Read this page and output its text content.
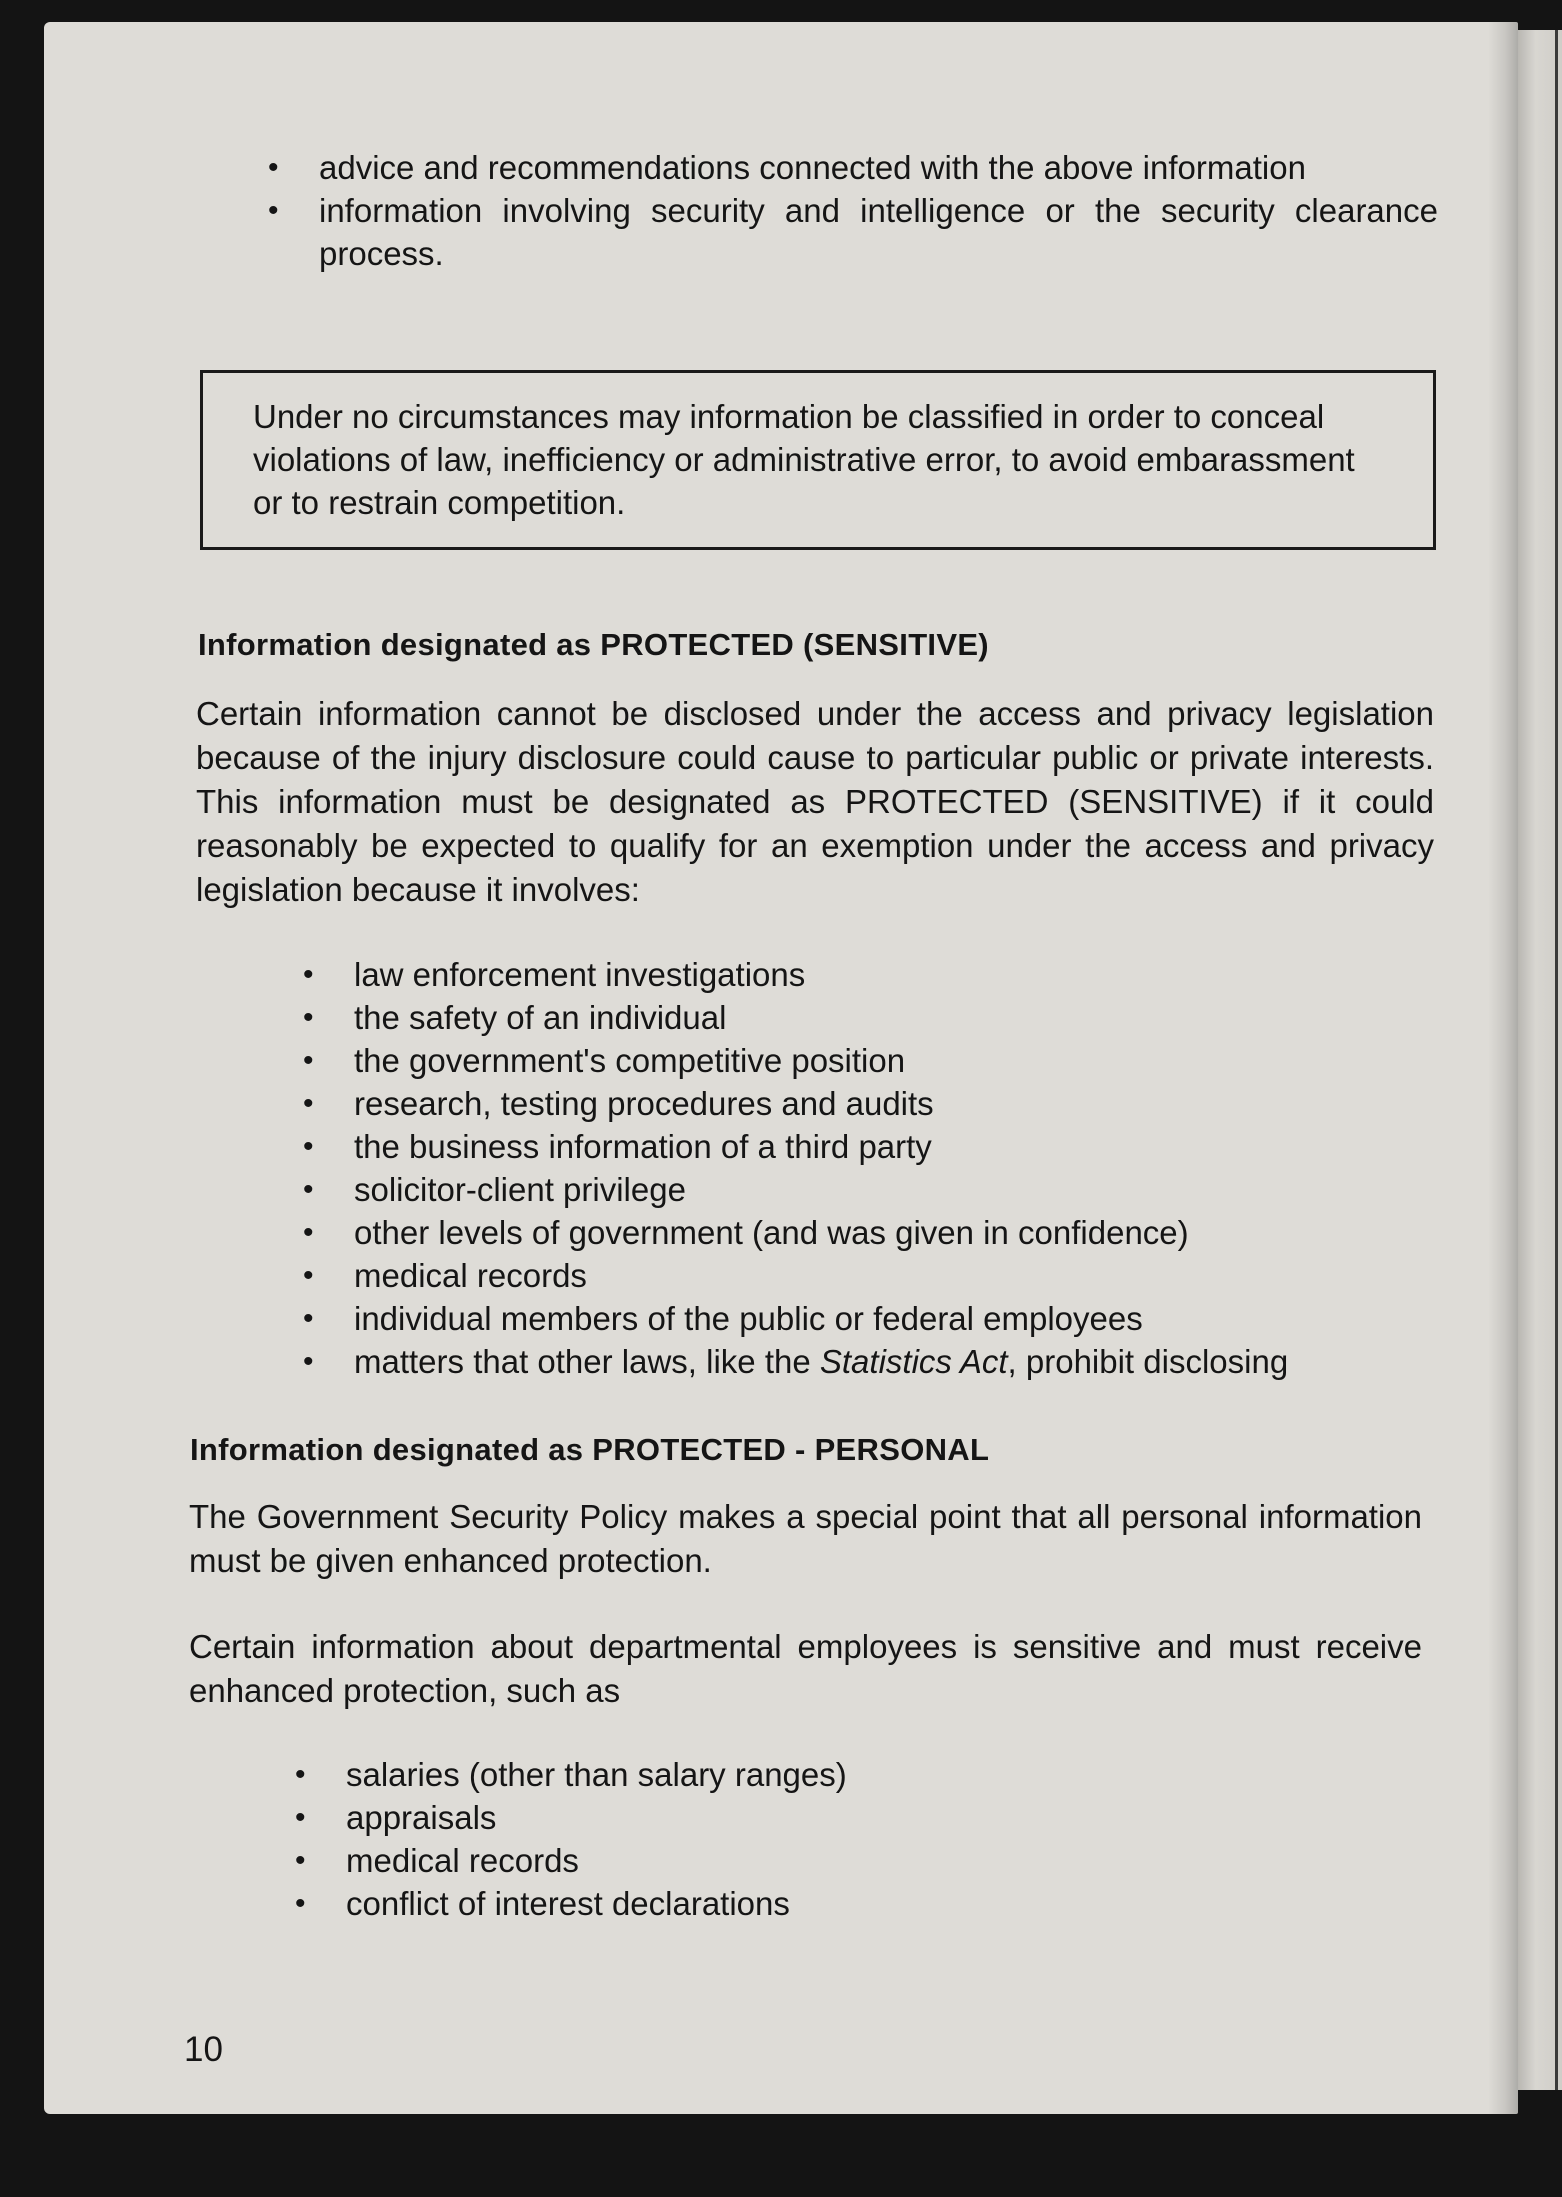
• advice and recommendations connected with the above information
• information involving security and intelligence or the security clearance process.
Under no circumstances may information be classified in order to conceal violations of law, inefficiency or administrative error, to avoid embarassment or to restrain competition.
Information designated as PROTECTED (SENSITIVE)

Certain information cannot be disclosed under the access and privacy legislation because of the injury disclosure could cause to particular public or private interests. This information must be designated as PROTECTED (SENSITIVE) if it could reasonably be expected to qualify for an exemption under the access and privacy legislation because it involves:

• law enforcement investigations
• the safety of an individual
• the government's competitive position
• research, testing procedures and audits
• the business information of a third party
• solicitor-client privilege
• other levels of government (and was given in confidence)
• medical records
• individual members of the public or federal employees
• matters that other laws, like the Statistics Act, prohibit disclosing
Information designated as PROTECTED - PERSONAL

The Government Security Policy makes a special point that all personal information must be given enhanced protection.

Certain information about departmental employees is sensitive and must receive enhanced protection, such as

• salaries (other than salary ranges)
• appraisals
• medical records
• conflict of interest declarations
10
